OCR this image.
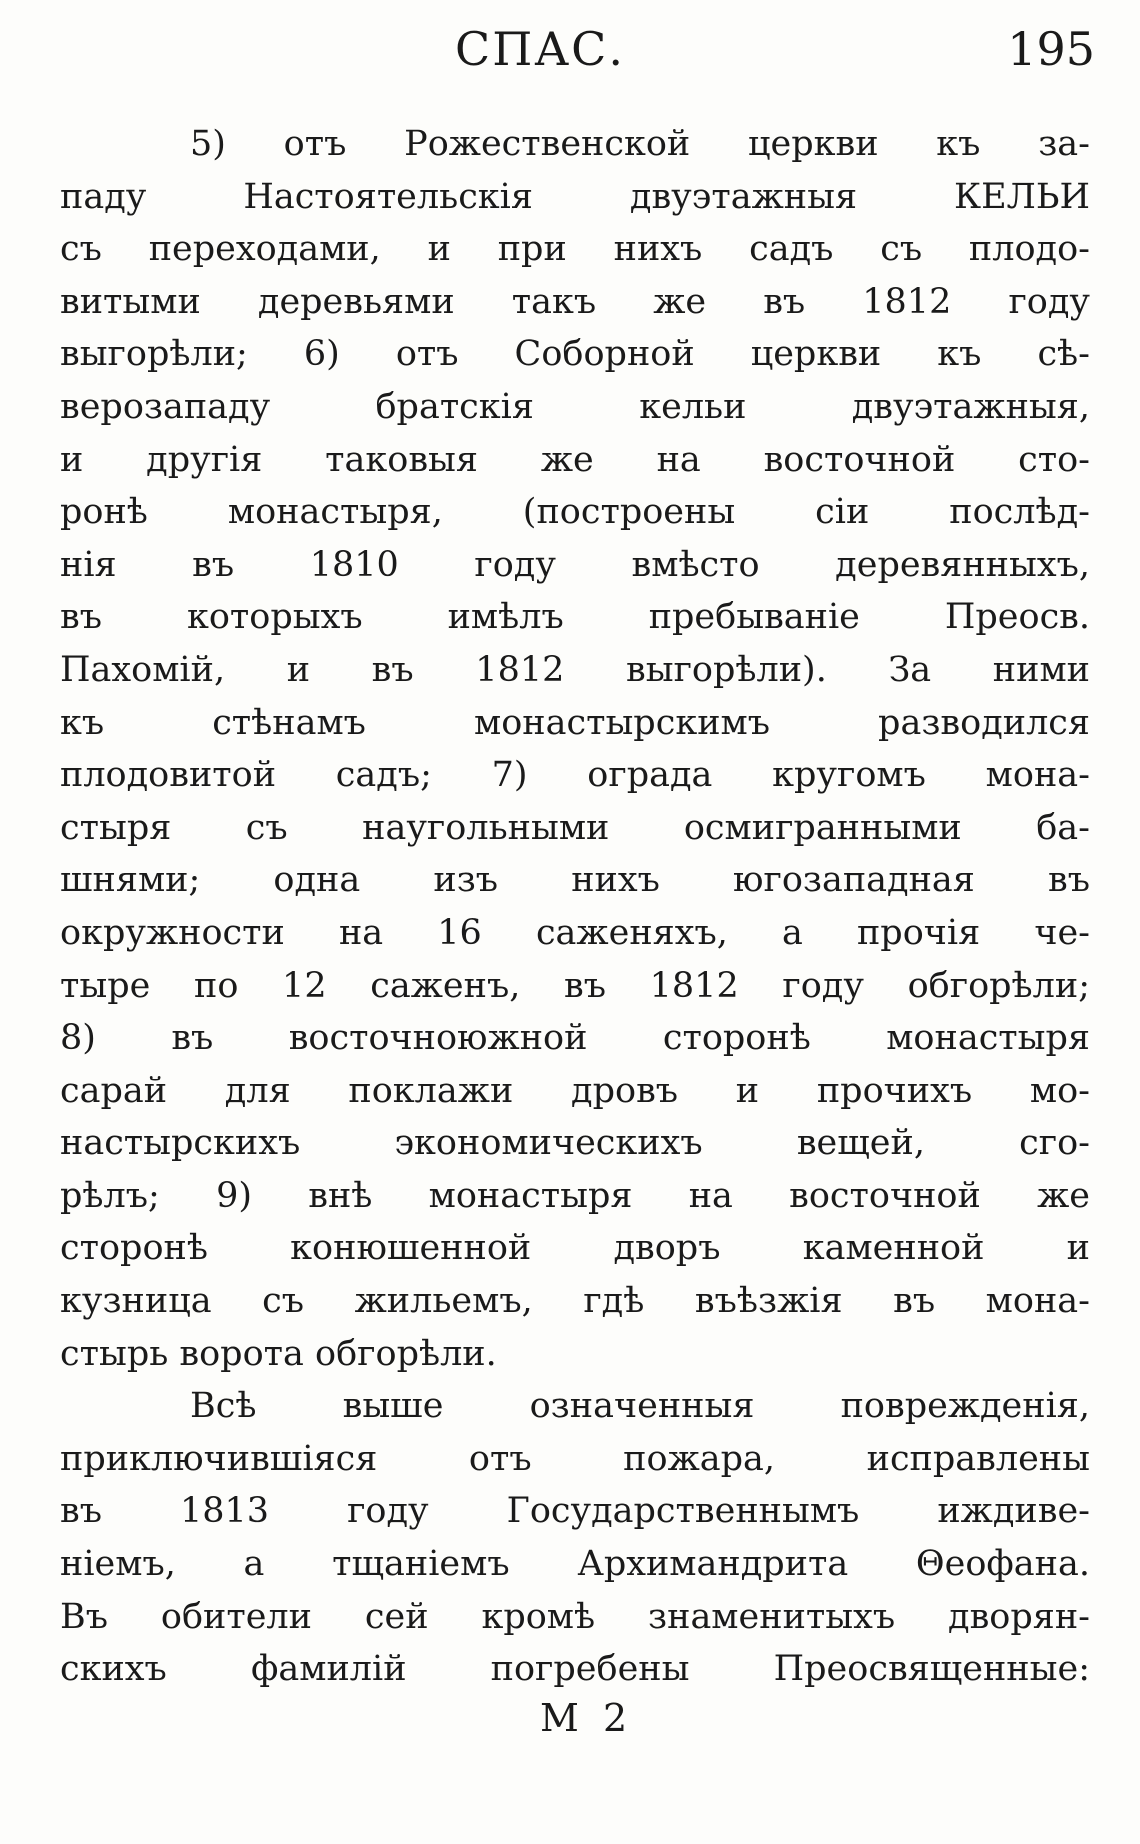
СПАС.	195
5) отъ Рожественской церкви къ за-
паду Настоятельскія двуэтажныя КЕЛЬИ
съ переходами, и при нихъ садъ съ плодо-
витыми деревьями такъ же въ 1812 году
выгорѣли; 6) отъ Соборной церкви къ сѣ-
верозападу братскія кельи двуэтажныя,
и другія таковыя же на восточной сто-
ронѣ монастыря, (построены сіи послѣд-
нія въ 1810 году вмѣсто деревянныхъ,
въ которыхъ имѣлъ пребываніе Преосв.
Пахомій, и въ 1812 выгорѣли). За ними
къ стѣнамъ монастырскимъ разводился
плодовитой садъ; 7) ограда кругомъ мона-
стыря съ наугольными осмигранными ба-
шнями; одна изъ нихъ югозападная въ
окружности на 16 саженяхъ, а прочія че-
тыре по 12 саженъ, въ 1812 году обгорѣли;
8) въ восточноюжной сторонѣ монастыря
сарай для поклажи дровъ и прочихъ мо-
настырскихъ экономическихъ вещей, сго-
рѣлъ; 9) внѣ монастыря на восточной же
сторонѣ конюшенной дворъ каменной и
кузница съ жильемъ, гдѣ въѣзжія въ мона-
стырь ворота обгорѣли.
Всѣ выше означенныя поврежденія,
приключившіяся отъ пожара, исправлены
въ 1813 году Государственнымъ иждиве-
ніемъ, а тщаніемъ Архимандрита Θеофана.
Въ обители сей кромѣ знаменитыхъ дворян-
скихъ фамилій погребены Преосвященные:
М 2
